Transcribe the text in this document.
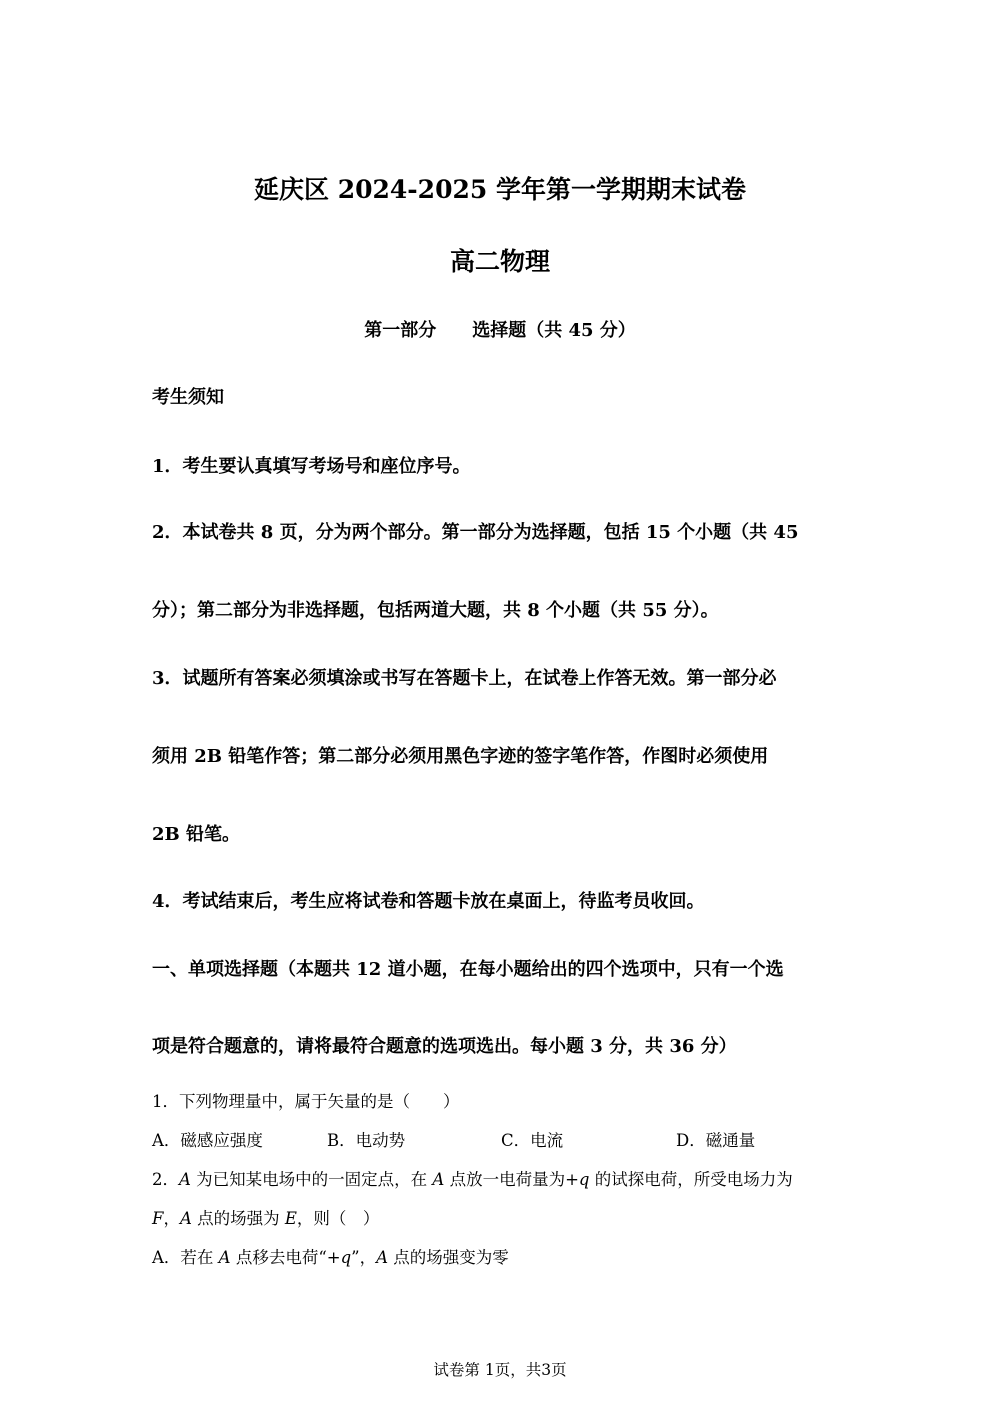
延庆区 2024-2025 学年第一学期期末试卷
高二物理
第一部分　　选择题（共 45 分）
考生须知
1．考生要认真填写考场号和座位序号。
2．本试卷共 8 页，分为两个部分。第一部分为选择题，包括 15 个小题（共 45
分）；第二部分为非选择题，包括两道大题，共 8 个小题（共 55 分）。
3．试题所有答案必须填涂或书写在答题卡上，在试卷上作答无效。第一部分必
须用 2B 铅笔作答；第二部分必须用黑色字迹的签字笔作答，作图时必须使用
2B 铅笔。
4．考试结束后，考生应将试卷和答题卡放在桌面上，待监考员收回。
一、单项选择题（本题共 12 道小题，在每小题给出的四个选项中，只有一个选
项是符合题意的，请将最符合题意的选项选出。每小题 3 分，共 36 分）
1．下列物理量中，属于矢量的是（　　）
A．磁感应强度	B．电动势	C．电流	D．磁通量
2．A 为已知某电场中的一固定点，在 A 点放一电荷量为+q 的试探电荷，所受电场力为
F，A 点的场强为 E，则（　）
A．若在 A 点移去电荷“+q”，A 点的场强变为零
试卷第 1页，共3页
